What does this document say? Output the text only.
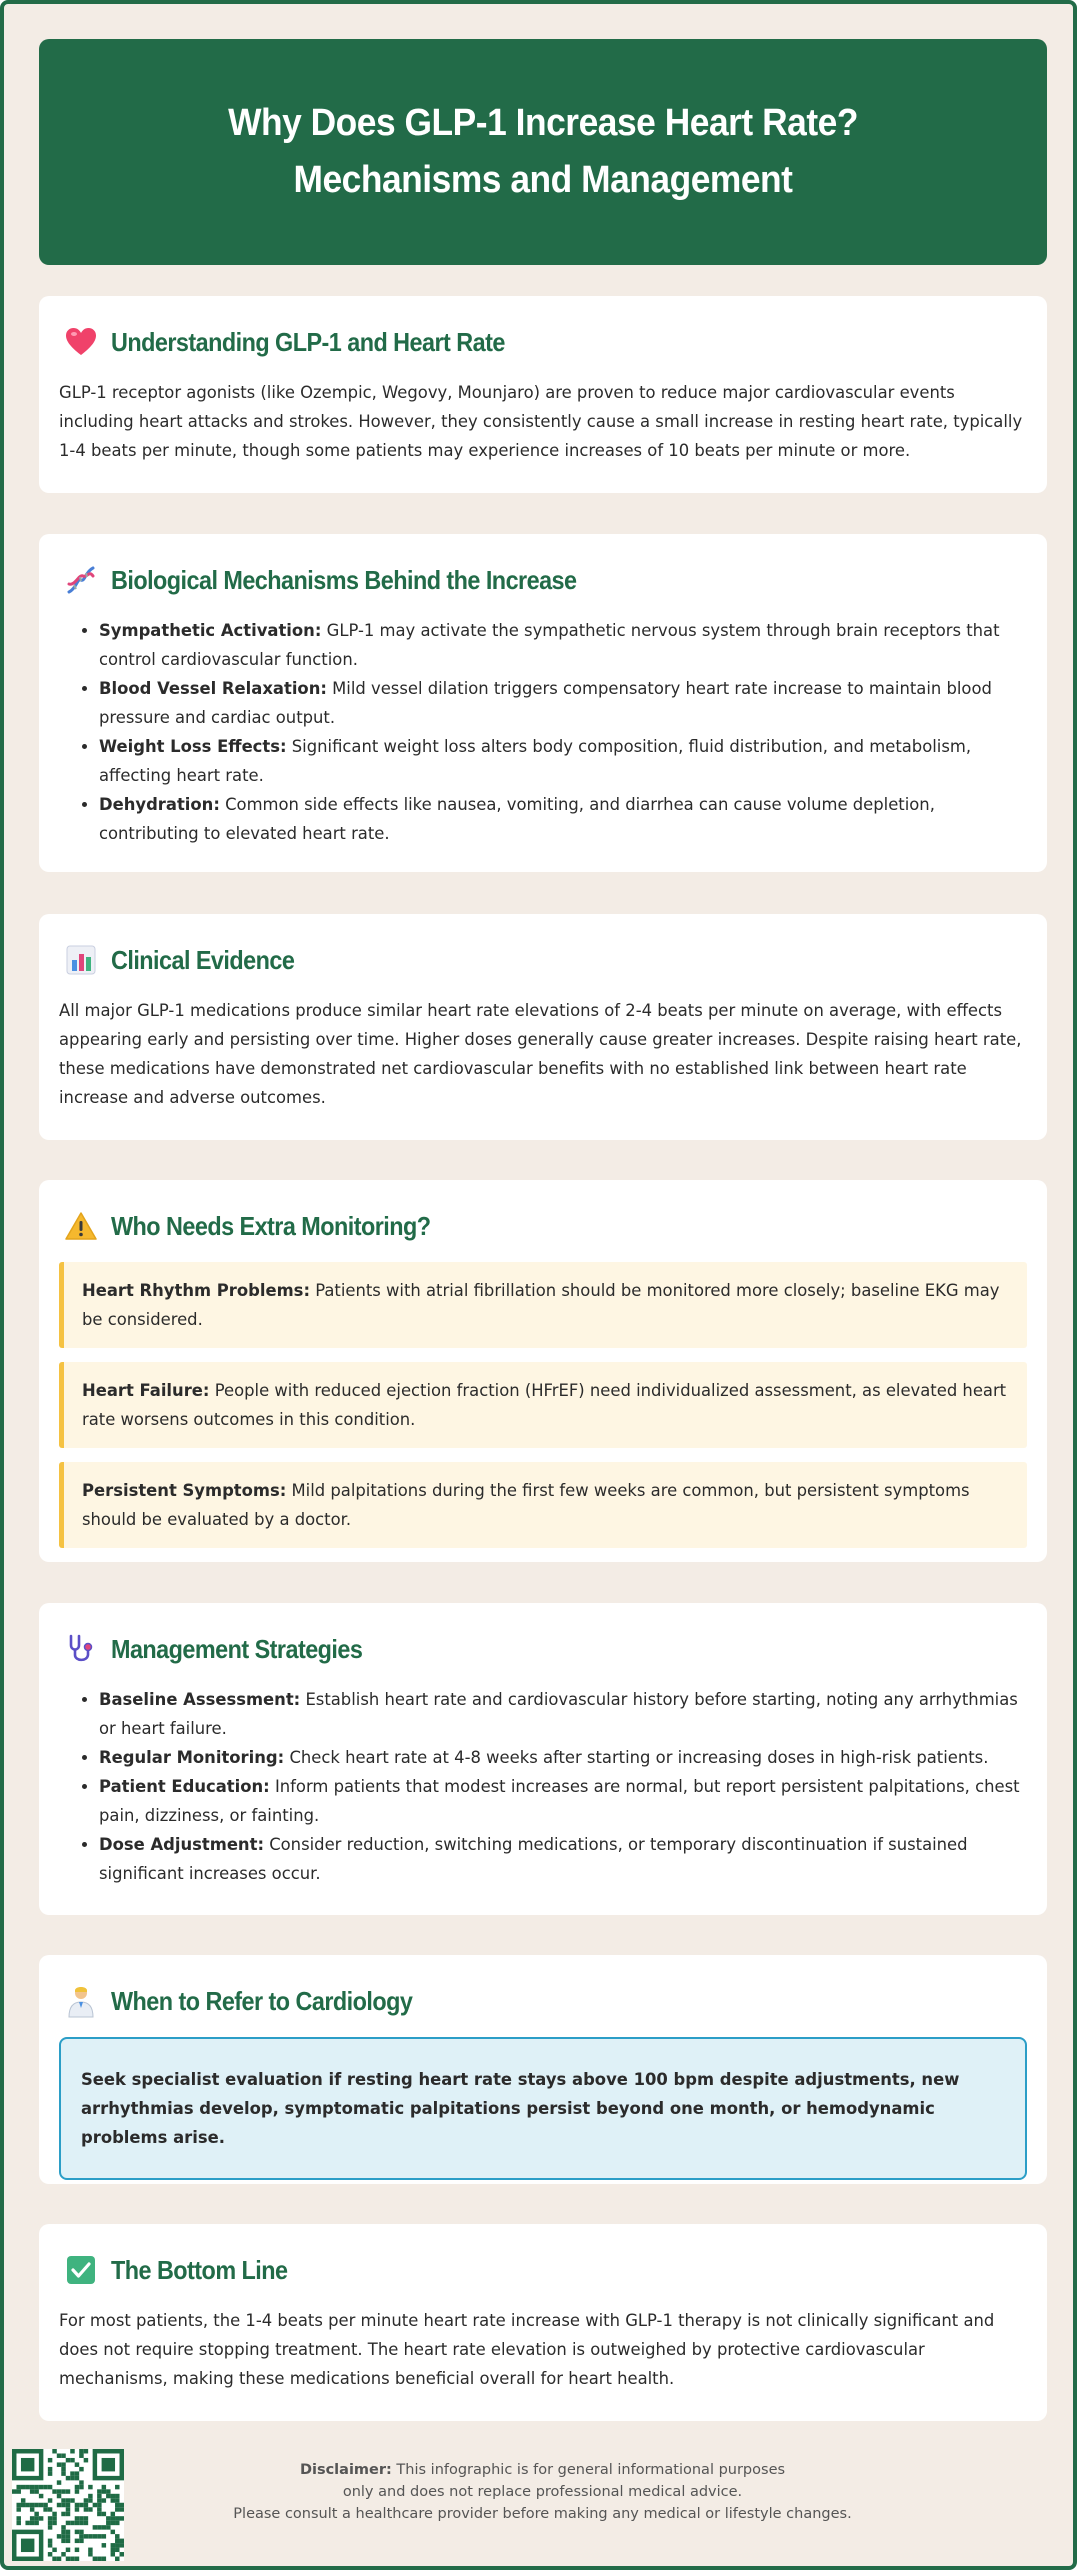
Why Does GLP-1 Increase Heart Rate? Mechanisms and Management
Understanding GLP-1 and Heart Rate

GLP-1 receptor agonists (like Ozempic, Wegovy, Mounjaro) are proven to reduce major cardiovascular events including heart attacks and strokes. However, they consistently cause a small increase in resting heart rate, typically 1-4 beats per minute, though some patients may experience increases of 10 beats per minute or more.

Biological Mechanisms Behind the Increase
• Sympathetic Activation: GLP-1 may activate the sympathetic nervous system through brain receptors that control cardiovascular function.
• Blood Vessel Relaxation: Mild vessel dilation triggers compensatory heart rate increase to maintain blood pressure and cardiac output.
• Weight Loss Effects: Significant weight loss alters body composition, fluid distribution, and metabolism, affecting heart rate.
• Dehydration: Common side effects like nausea, vomiting, and diarrhea can cause volume depletion, contributing to elevated heart rate.
Clinical Evidence

All major GLP-1 medications produce similar heart rate elevations of 2-4 beats per minute on average, with effects appearing early and persisting over time. Higher doses generally cause greater increases. Despite raising heart rate, these medications have demonstrated net cardiovascular benefits with no established link between heart rate increase and adverse outcomes.

Who Needs Extra Monitoring?
Heart Rhythm Problems: Patients with atrial fibrillation should be monitored more closely; baseline EKG may be considered.
Heart Failure: People with reduced ejection fraction (HFrEF) need individualized assessment, as elevated heart rate worsens outcomes in this condition.
Persistent Symptoms: Mild palpitations during the first few weeks are common, but persistent symptoms should be evaluated by a doctor.
Management Strategies
• Baseline Assessment: Establish heart rate and cardiovascular history before starting, noting any arrhythmias or heart failure.
• Regular Monitoring: Check heart rate at 4-8 weeks after starting or increasing doses in high-risk patients.
• Patient Education: Inform patients that modest increases are normal, but report persistent palpitations, chest pain, dizziness, or fainting.
• Dose Adjustment: Consider reduction, switching medications, or temporary discontinuation if sustained significant increases occur.
When to Refer to Cardiology
Seek specialist evaluation if resting heart rate stays above 100 bpm despite adjustments, new arrhythmias develop, symptomatic palpitations persist beyond one month, or hemodynamic problems arise.
The Bottom Line

For most patients, the 1-4 beats per minute heart rate increase with GLP-1 therapy is not clinically significant and does not require stopping treatment. The heart rate elevation is outweighed by protective cardiovascular mechanisms, making these medications beneficial overall for heart health.

Disclaimer: This infographic is for general informational purposes
only and does not replace professional medical advice.
Please consult a healthcare provider before making any medical or lifestyle changes.
